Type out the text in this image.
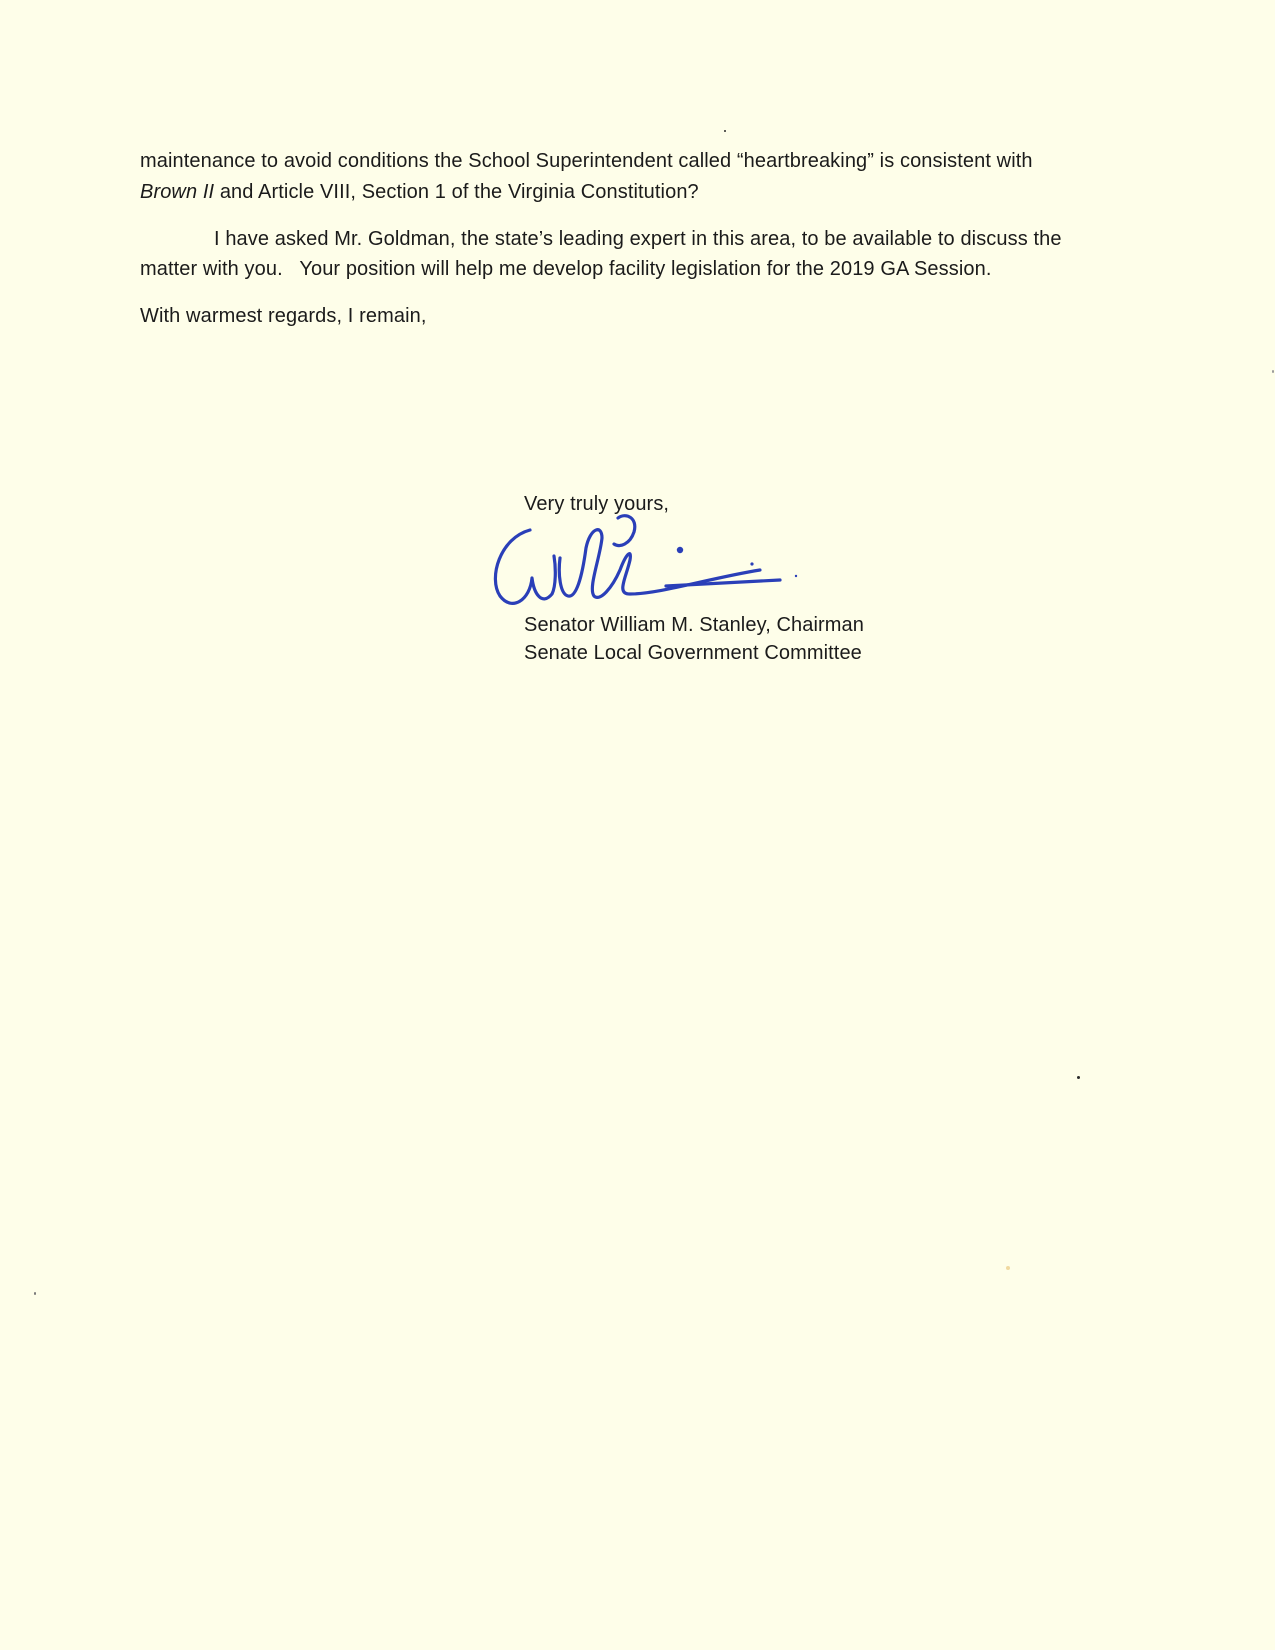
maintenance to avoid conditions the School Superintendent called “heartbreaking” is consistent with
Brown II and Article VIII, Section 1 of the Virginia Constitution?
I have asked Mr. Goldman, the state’s leading expert in this area, to be available to discuss the
matter with you.   Your position will help me develop facility legislation for the 2019 GA Session.
With warmest regards, I remain,
Very truly yours,
Senator William M. Stanley, Chairman
Senate Local Government Committee
